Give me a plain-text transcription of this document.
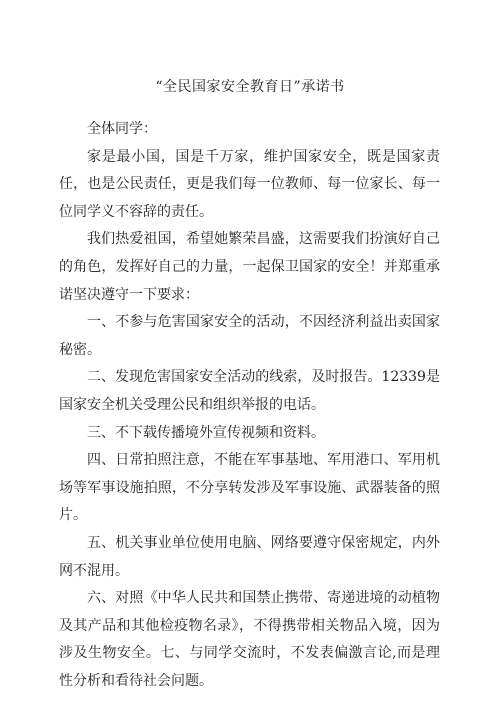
“全民国家安全教育日”承诺书

全体同学：

家是最小国，国是千万家，维护国家安全，既是国家责任，也是公民责任，更是我们每一位教师、每一位家长、每一位同学义不容辞的责任。

我们热爱祖国，希望她繁荣昌盛，这需要我们扮演好自己的角色，发挥好自己的力量，一起保卫国家的安全！并郑重承诺坚决遵守一下要求：

一、不参与危害国家安全的活动，不因经济利益出卖国家秘密。

二、发现危害国家安全活动的线索，及时报告。12339是国家安全机关受理公民和组织举报的电话。

三、不下载传播境外宣传视频和资料。

四、日常拍照注意，不能在军事基地、军用港口、军用机场等军事设施拍照，不分享转发涉及军事设施、武器装备的照片。

五、机关事业单位使用电脑、网络要遵守保密规定，内外网不混用。

六、对照《中华人民共和国禁止携带、寄递进境的动植物及其产品和其他检疫物名录》，不得携带相关物品入境，因为涉及生物安全。七、与同学交流时，不发表偏激言论,而是理性分析和看待社会问题。
